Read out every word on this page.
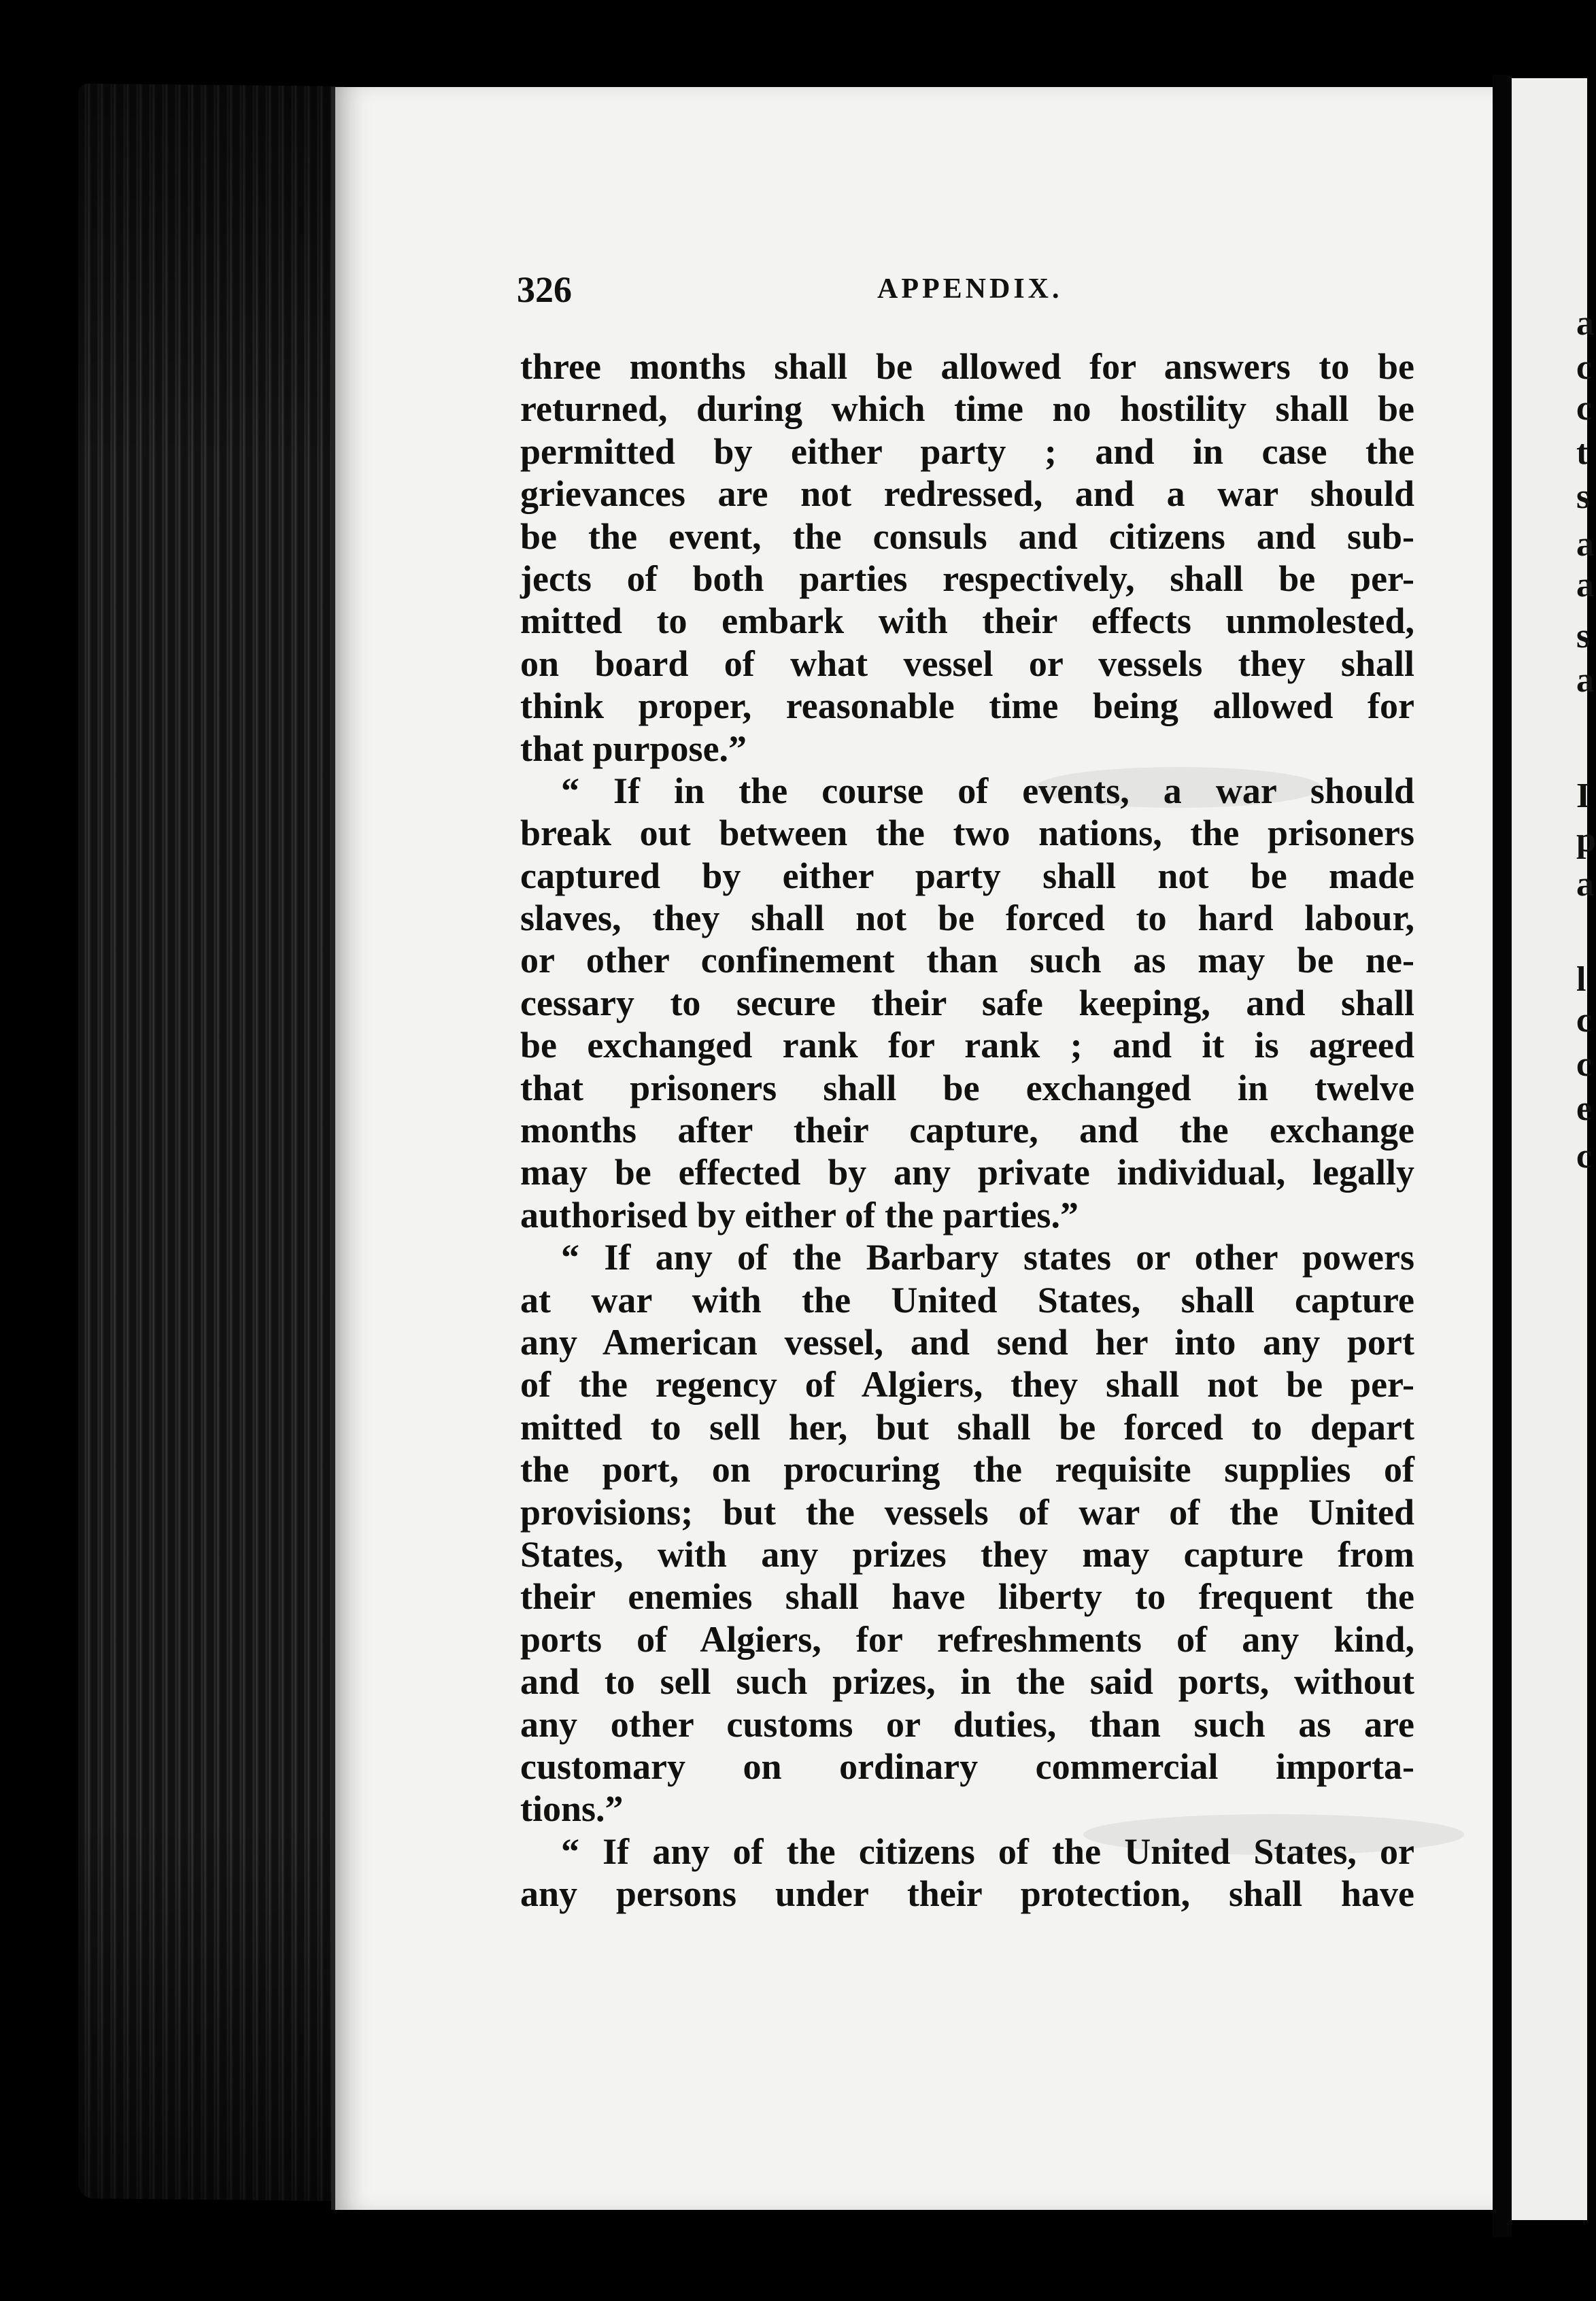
a
c
c
t
s
a
a
s
a
I
p
a
l
c
c
e
c
326	APPENDIX.
three months shall be allowed for answers to be
returned, during which time no hostility shall be
permitted by either party ; and in case the
grievances are not redressed, and a war should
be the event, the consuls and citizens and sub-
jects of both parties respectively, shall be per-
mitted to embark with their effects unmolested,
on board of what vessel or vessels they shall
think proper, reasonable time being allowed for
that purpose.”
“ If in the course of events, a war should
break out between the two nations, the prisoners
captured by either party shall not be made
slaves, they shall not be forced to hard labour,
or other confinement than such as may be ne-
cessary to secure their safe keeping, and shall
be exchanged rank for rank ; and it is agreed
that prisoners shall be exchanged in twelve
months after their capture, and the exchange
may be effected by any private individual, legally
authorised by either of the parties.”
“ If any of the Barbary states or other powers
at war with the United States, shall capture
any American vessel, and send her into any port
of the regency of Algiers, they shall not be per-
mitted to sell her, but shall be forced to depart
the port, on procuring the requisite supplies of
provisions; but the vessels of war of the United
States, with any prizes they may capture from
their enemies shall have liberty to frequent the
ports of Algiers, for refreshments of any kind,
and to sell such prizes, in the said ports, without
any other customs or duties, than such as are
customary on ordinary commercial importa-
tions.”
“ If any of the citizens of the United States, or
any persons under their protection, shall have
